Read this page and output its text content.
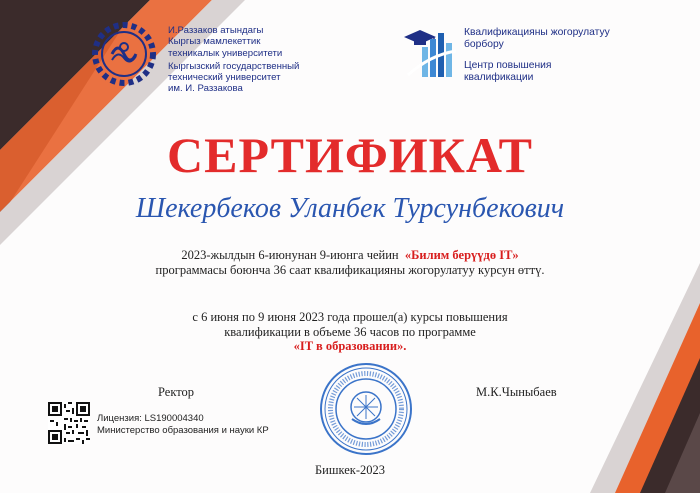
И.Раззаков атындагы
Кыргыз мамлекеттик
техникалык университети
Кыргызский государственный
технический университет
им. И. Раззакова
Квалификацияны жогорулатуу
борбору
Центр повышения
квалификации
СЕРТИФИКАТ
Шекербеков Уланбек Турсунбекович
2023-жылдын 6-июнунан 9-июнга чейин «Билим берүүдө IT»
программасы боюнча 36 саат квалификацияны жогорулатуу курсун өттү.
с 6 июня по 9 июня 2023 года прошел(а) курсы повышения
квалификации в объеме 36 часов по программе
«IT в образовании».
Ректор	М.К.Чыныбаев
Лицензия: LS190004340
Министерство образования и науки КР
Бишкек-2023
